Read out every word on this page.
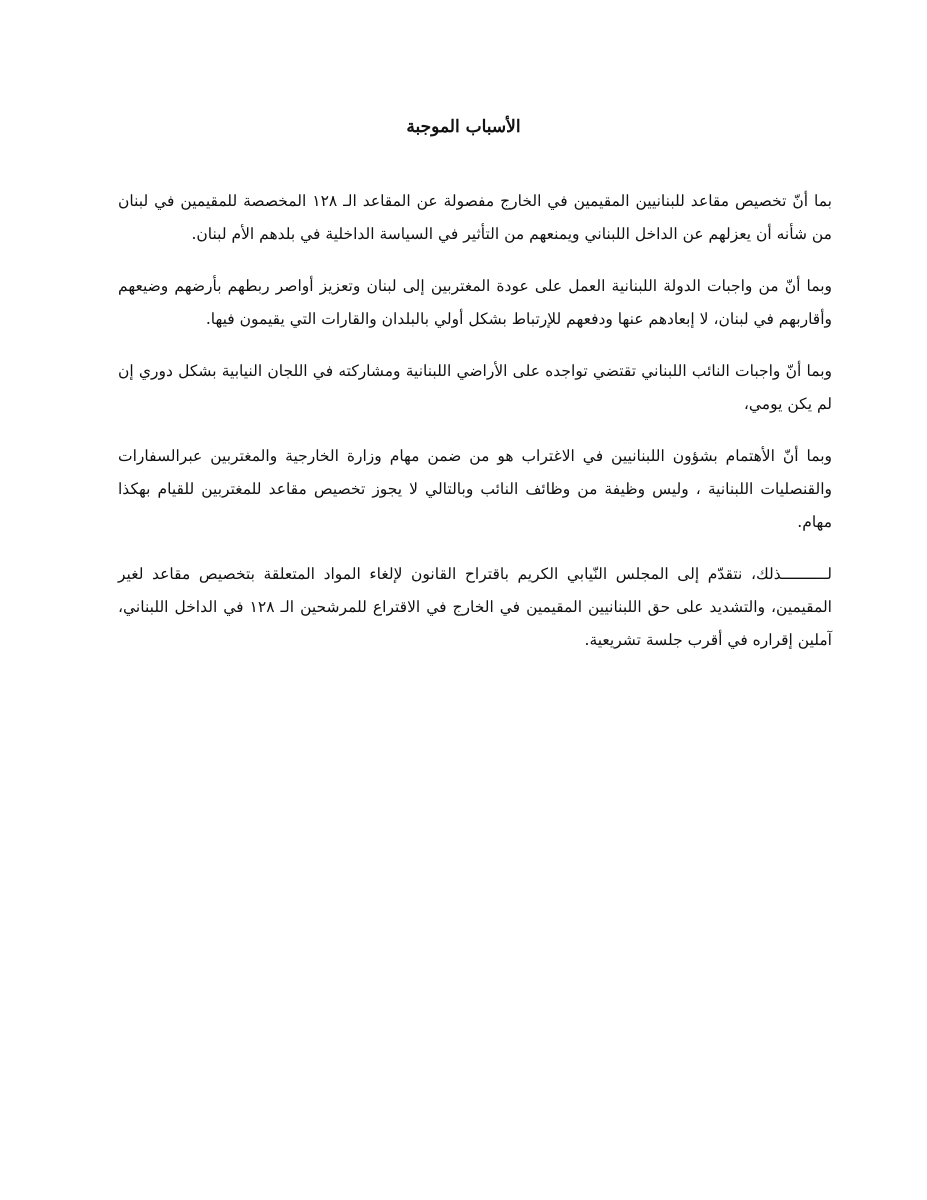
الأسباب الموجبة

بما أنّ تخصيص مقاعد للبنانيين المقيمين في الخارج مفصولة عن المقاعد الـ ١٢٨ المخصصة للمقيمين في لبنان من شأنه أن يعزلهم عن الداخل اللبناني ويمنعهم من التأثير في السياسة الداخلية في بلدهم الأم لبنان.

وبما أنّ من واجبات الدولة اللبنانية العمل على عودة المغتربين إلى لبنان وتعزيز أواصر ربطهم بأرضهم وضيعهم وأقاربهم في لبنان، لا إبعادهم عنها ودفعهم للإرتباط بشكل أولي بالبلدان والقارات التي يقيمون فيها.

وبما أنّ واجبات النائب اللبناني تقتضي تواجده على الأراضي اللبنانية ومشاركته في اللجان النيابية بشكل دوري إن لم يكن يومي،

وبما أنّ الأهتمام بشؤون اللبنانيين في الاغتراب هو من ضمن مهام وزارة الخارجية والمغتربين عبرالسفارات والقنصليات اللبنانية ، وليس وظيفة من وظائف النائب وبالتالي لا يجوز تخصيص مقاعد للمغتربين للقيام بهكذا مهام.

لــــــــــذلك، نتقدّم إلى المجلس النّيابي الكريم باقتراح القانون لإلغاء المواد المتعلقة بتخصيص مقاعد لغير المقيمين، والتشديد على حق اللبنانيين المقيمين في الخارج في الاقتراع للمرشحين الـ ١٢٨ في الداخل اللبناني، آملين إقراره في أقرب جلسة تشريعية.
